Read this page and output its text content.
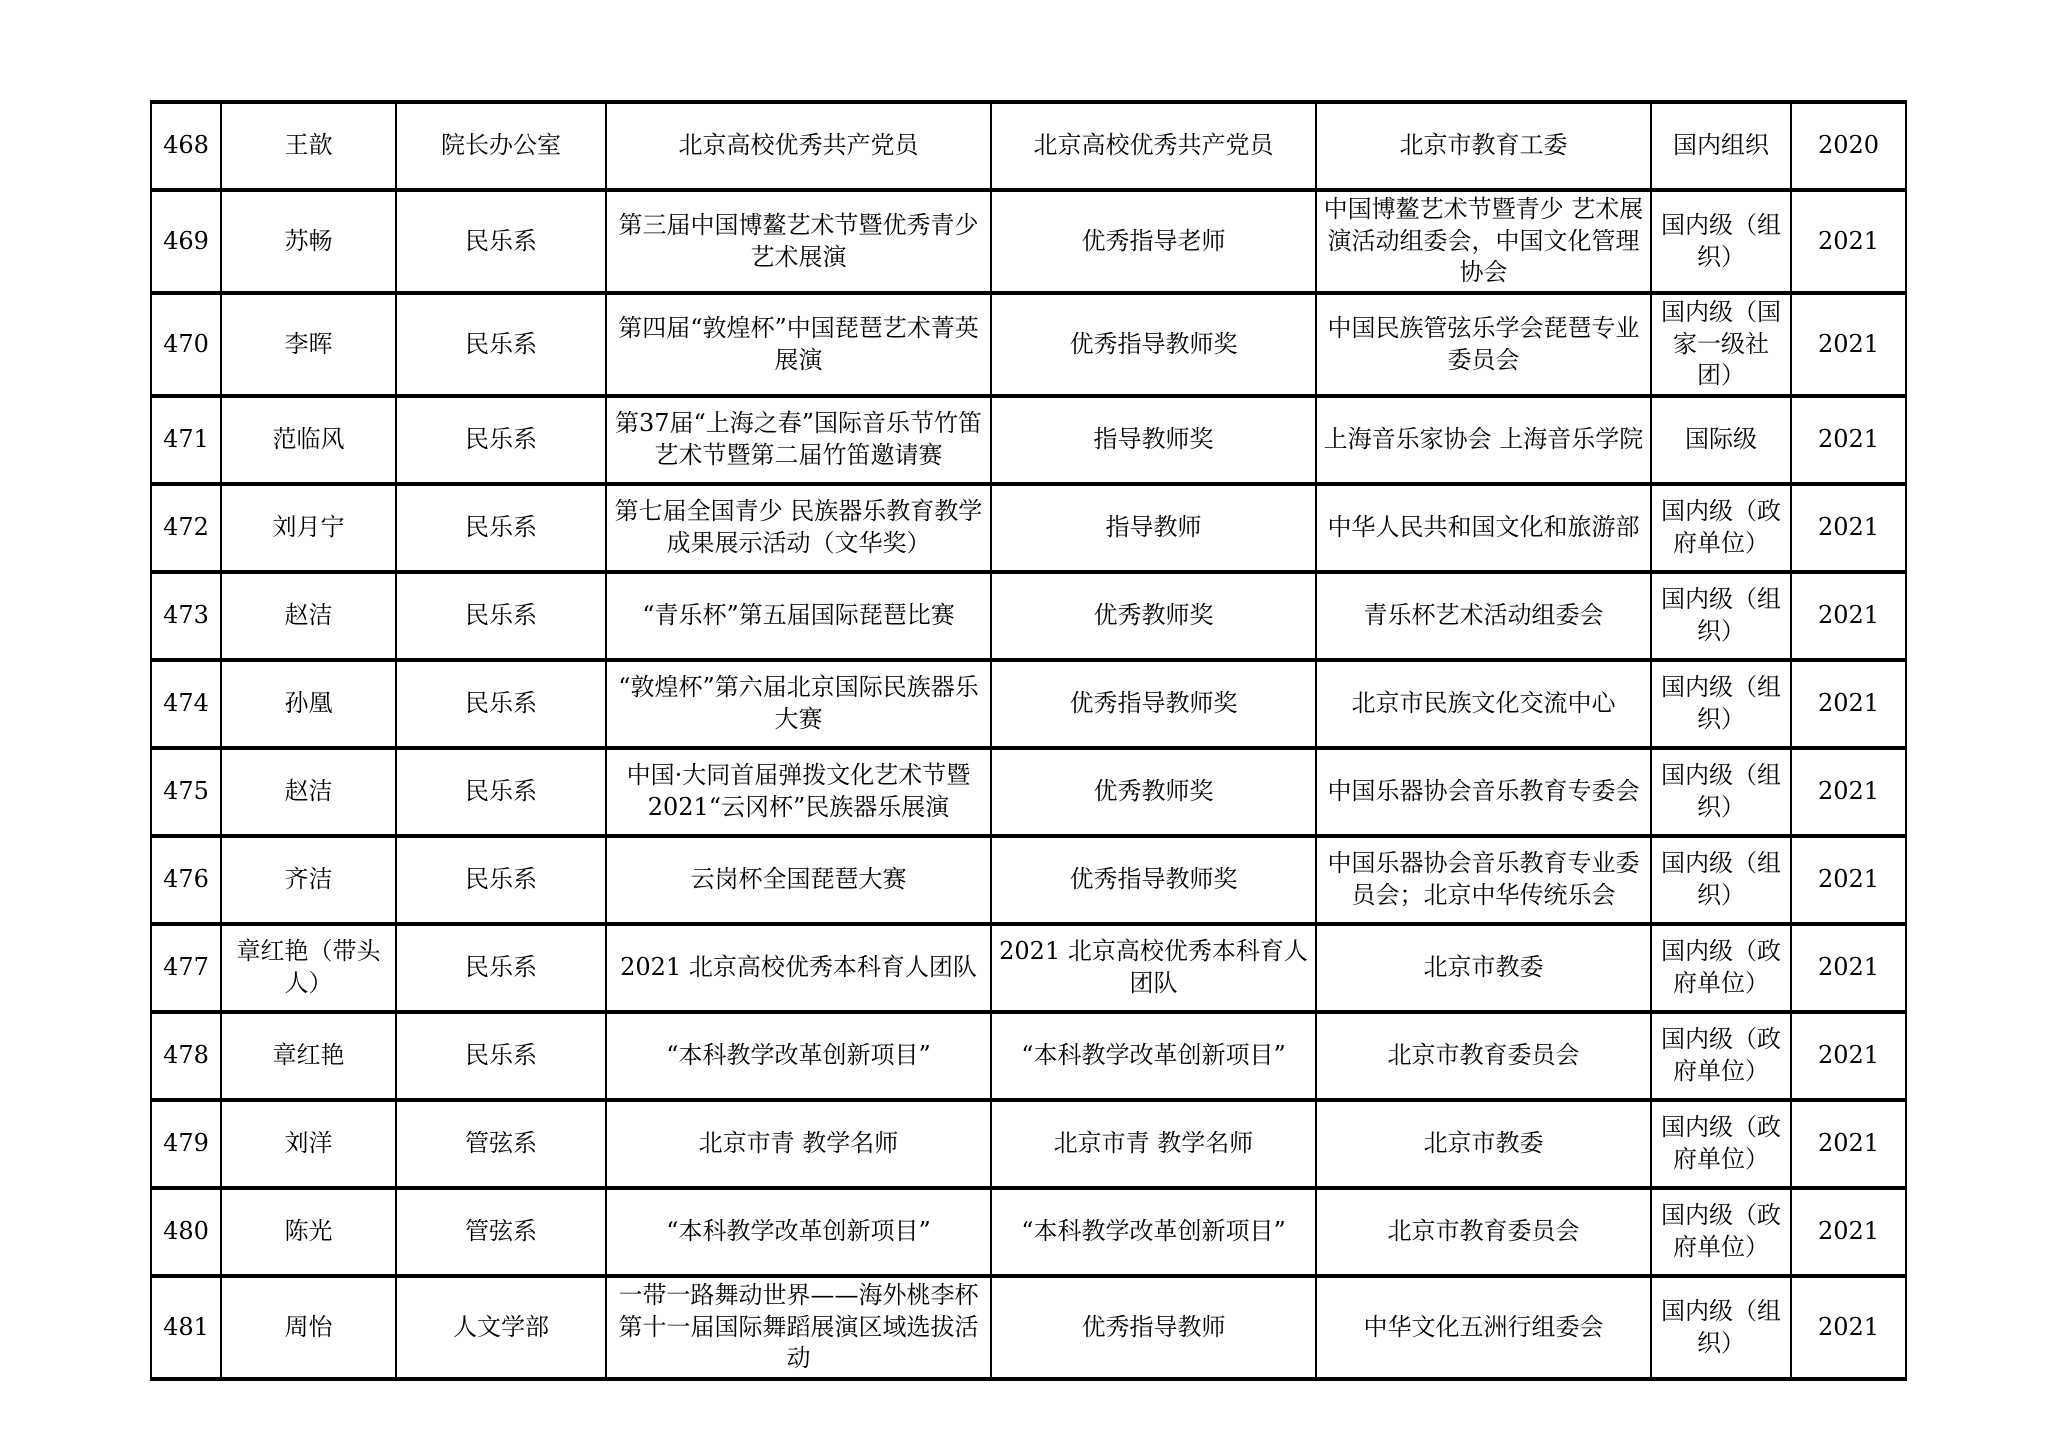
468	王歆	院长办公室	北京高校优秀共产党员	北京高校优秀共产党员	北京市教育工委	国内组织	2020
469	苏畅	民乐系	第三届中国博鳌艺术节暨优秀青少 艺术展演	优秀指导老师	中国博鳌艺术节暨青少 艺术展演活动组委会，中国文化管理协会	国内级（组织）	2021
470	李晖	民乐系	第四届“敦煌杯”中国琵琶艺术菁英展演	优秀指导教师奖	中国民族管弦乐学会琵琶专业委员会	国内级（国家一级社团）	2021
471	范临风	民乐系	第37届“上海之春”国际音乐节竹笛艺术节暨第二届竹笛邀请赛	指导教师奖	上海音乐家协会 上海音乐学院	国际级	2021
472	刘月宁	民乐系	第七届全国青少 民族器乐教育教学成果展示活动（文华奖）	指导教师	中华人民共和国文化和旅游部	国内级（政府单位）	2021
473	赵洁	民乐系	“青乐杯”第五届国际琵琶比赛	优秀教师奖	青乐杯艺术活动组委会	国内级（组织）	2021
474	孙凰	民乐系	“敦煌杯”第六届北京国际民族器乐大赛	优秀指导教师奖	北京市民族文化交流中心	国内级（组织）	2021
475	赵洁	民乐系	中国·大同首届弹拨文化艺术节暨2021“云冈杯”民族器乐展演	优秀教师奖	中国乐器协会音乐教育专委会	国内级（组织）	2021
476	齐洁	民乐系	云岗杯全国琵琶大赛	优秀指导教师奖	中国乐器协会音乐教育专业委员会；北京中华传统乐会	国内级（组织）	2021
477	章红艳（带头人）	民乐系	2021 北京高校优秀本科育人团队	2021 北京高校优秀本科育人团队	北京市教委	国内级（政府单位）	2021
478	章红艳	民乐系	“本科教学改革创新项目”	“本科教学改革创新项目”	北京市教育委员会	国内级（政府单位）	2021
479	刘洋	管弦系	北京市青 教学名师	北京市青 教学名师	北京市教委	国内级（政府单位）	2021
480	陈光	管弦系	“本科教学改革创新项目”	“本科教学改革创新项目”	北京市教育委员会	国内级（政府单位）	2021
481	周怡	人文学部	一带一路舞动世界——海外桃李杯第十一届国际舞蹈展演区域选拔活动	优秀指导教师	中华文化五洲行组委会	国内级（组织）	2021
